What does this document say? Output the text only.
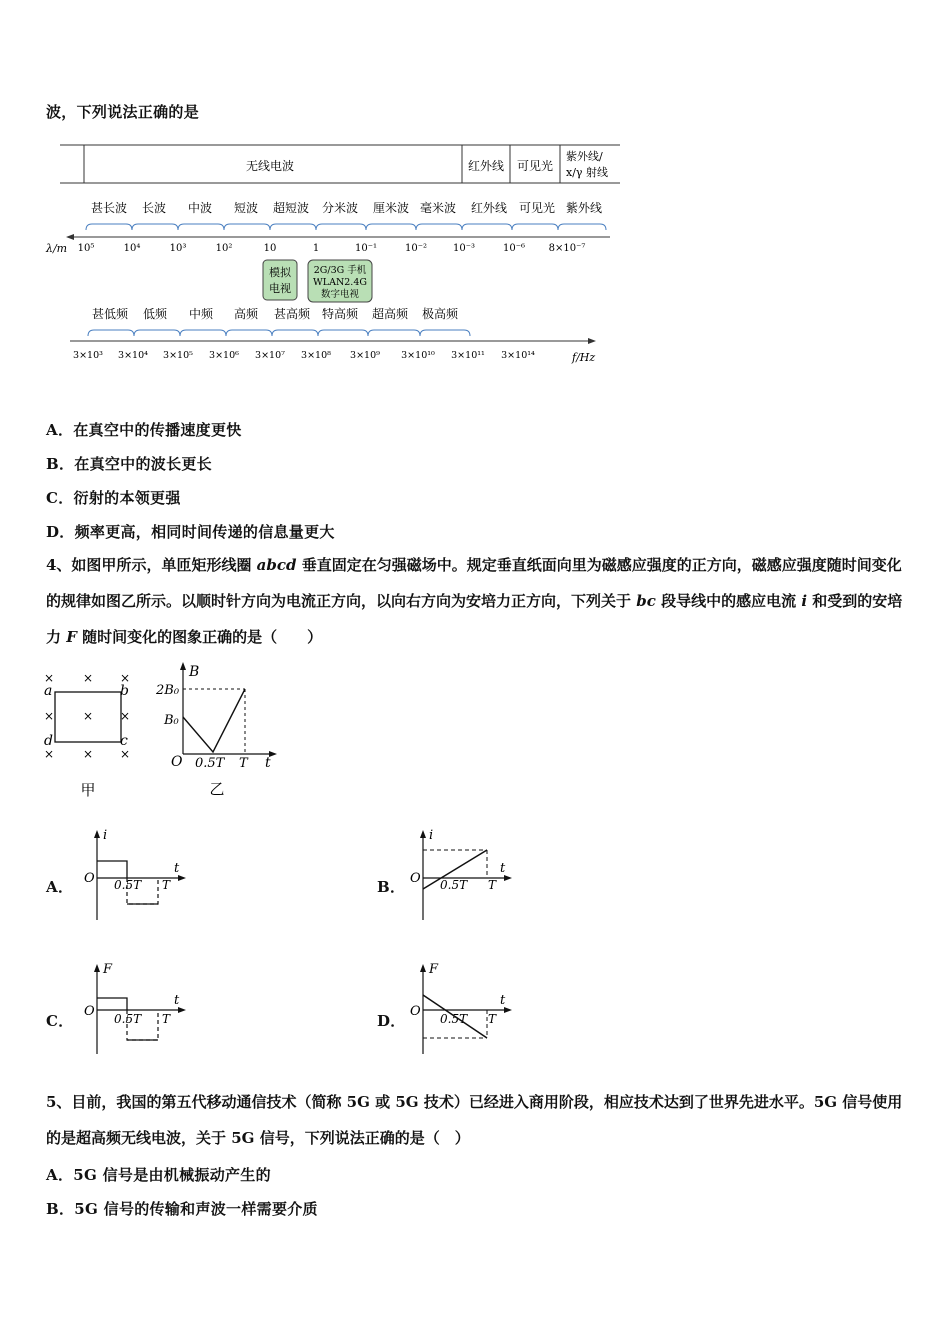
波，下列说法正确的是
无线电波	红外线 可见光
紫外线/
x/γ 射线
甚长波 长波 中波 短波 超短波 分米波 厘米波 毫米波 红外线 可见光 紫外线
λ/m 10⁵	10⁴	10³	10²	10	1	10⁻¹	10⁻²	10⁻³	10⁻⁶ 8×10⁻⁷
模拟
电视
2G/3G 手机
WLAN2.4G
数字电视
甚低频 低频 中频 高频 甚高频 特高频 超高频 极高频
3×10³ 3×10⁴ 3×10⁵ 3×10⁶ 3×10⁷ 3×10⁸ 3×10⁹ 3×10¹⁰ 3×10¹¹ 3×10¹⁴	f/Hz
A．在真空中的传播速度更快
B．在真空中的波长更长
C．衍射的本领更强
D．频率更高，相同时间传递的信息量更大
4、如图甲所示，单匝矩形线圈 abcd 垂直固定在匀强磁场中。规定垂直纸面向里为磁感应强度的正方向，磁感应强度随时间变化的规律如图乙所示。以顺时针方向为电流正方向，以向右方向为安培力正方向，下列关于 bc 段导线中的感应电流 i 和受到的安培力 F 随时间变化的图象正确的是（　　）
× × ×
× × ×
× × ×
a	b
c
d
甲
B
t
O
2B₀
B₀
0.5T T
乙
A．
i
t
O 0.5T T	B．
i
t
O 0.5T T
C．
F
t
O 0.5T T	D．
F
t
O 0.5T T
5、目前，我国的第五代移动通信技术（简称 5G 或 5G 技术）已经进入商用阶段，相应技术达到了世界先进水平。5G 信号使用的是超高频无线电波，关于 5G 信号，下列说法正确的是（　）
A．5G 信号是由机械振动产生的
B．5G 信号的传输和声波一样需要介质
